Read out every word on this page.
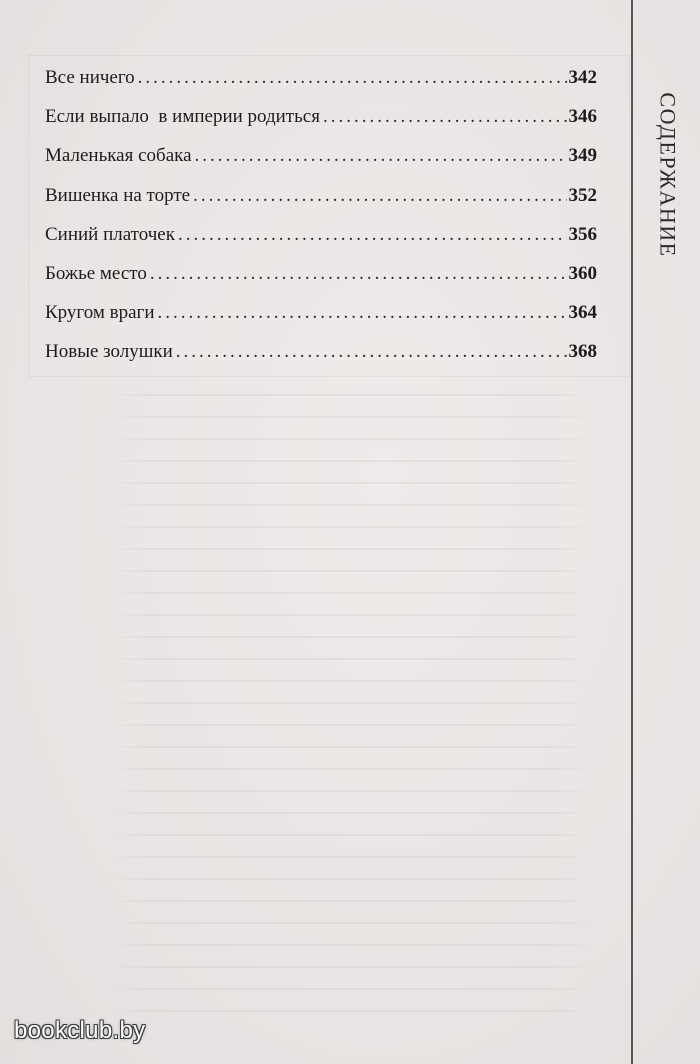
Все ничего .....	342
Если выпало  в империи родиться .....	346
Маленькая собака .....	349
Вишенка на торте .....	352
Синий платочек .....	356
Божье место .....	360
Кругом враги .....	364
Новые золушки .....	368
СОДЕРЖАНИЕ
bookclub.by
